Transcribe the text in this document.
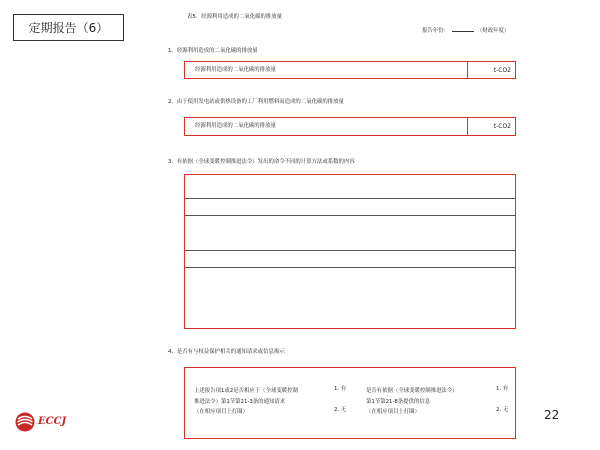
定期报告（6）
表5．经源利用造成的二氧化碳的排放量
报告年份：	（财政年度）
1．经源利用造成的二氧化碳的排放量
经源利用造成的二氧化碳的排放量	t-CO2
2．由于使用发电站或供热设备的工厂利用燃料而造成的二氧化碳的排放量
经源利用造成的二氧化碳的排放量	t-CO2
3．有依据（全球变暖控制推进法令）发出的命令不同的计算方法或系数的内容
4．是否有与权益保护相关的通知请求或信息揭示
上述报告项1或2是否相应于（全球变暖控制
推进法令）第1节第21-3条的通知请求
（在相应项目上打圈）
1. 有
2. 无
是否有依据（全球变暖控制推进法令）
第1节第21-8条提供的信息
（在相应项目上打圈）
1. 有
2. 无
ECCJ	22
